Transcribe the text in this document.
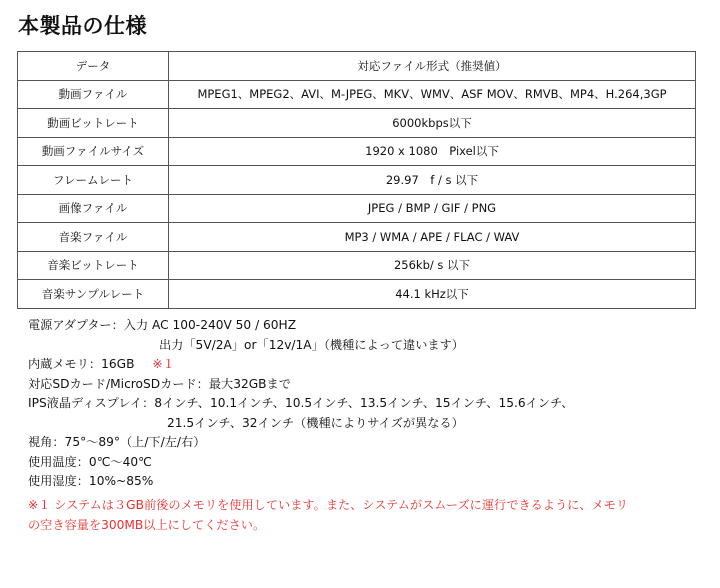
本製品の仕様
データ	対応ファイル形式（推奨値）
動画ファイル	MPEG1、MPEG2、AVI、M-JPEG、MKV、WMV、ASF MOV、RMVB、MP4、H.264,3GP
動画ビットレート	6000kbps以下
動画ファイルサイズ	1920 x 1080　Pixel以下
フレームレート	29.97　f / s 以下
画像ファイル	JPEG / BMP / GIF / PNG
音楽ファイル	MP3 / WMA / APE / FLAC / WAV
音楽ビットレート	256kb/ s 以下
音楽サンプルレート	44.1 kHz以下
電源アダプター：入力 AC 100-240V 50 / 60HZ
出力「5V/2A」or「12v/1A」（機種によって違います）
内蔵メモリ：16GB ※１
対応SDカード/MicroSDカード：最大32GBまで
IPS液晶ディスプレイ：8インチ、10.1インチ、10.5インチ、13.5インチ、15インチ、15.6インチ、
21.5インチ、32インチ（機種によりサイズが異なる）
視角：75°～89°（上/下/左/右）
使用温度：0℃～40℃
使用湿度：10%~85%
※１ システムは３GB前後のメモリを使用しています。また、システムがスムーズに運行できるように、メモリ
の空き容量を300MB以上にしてください。
